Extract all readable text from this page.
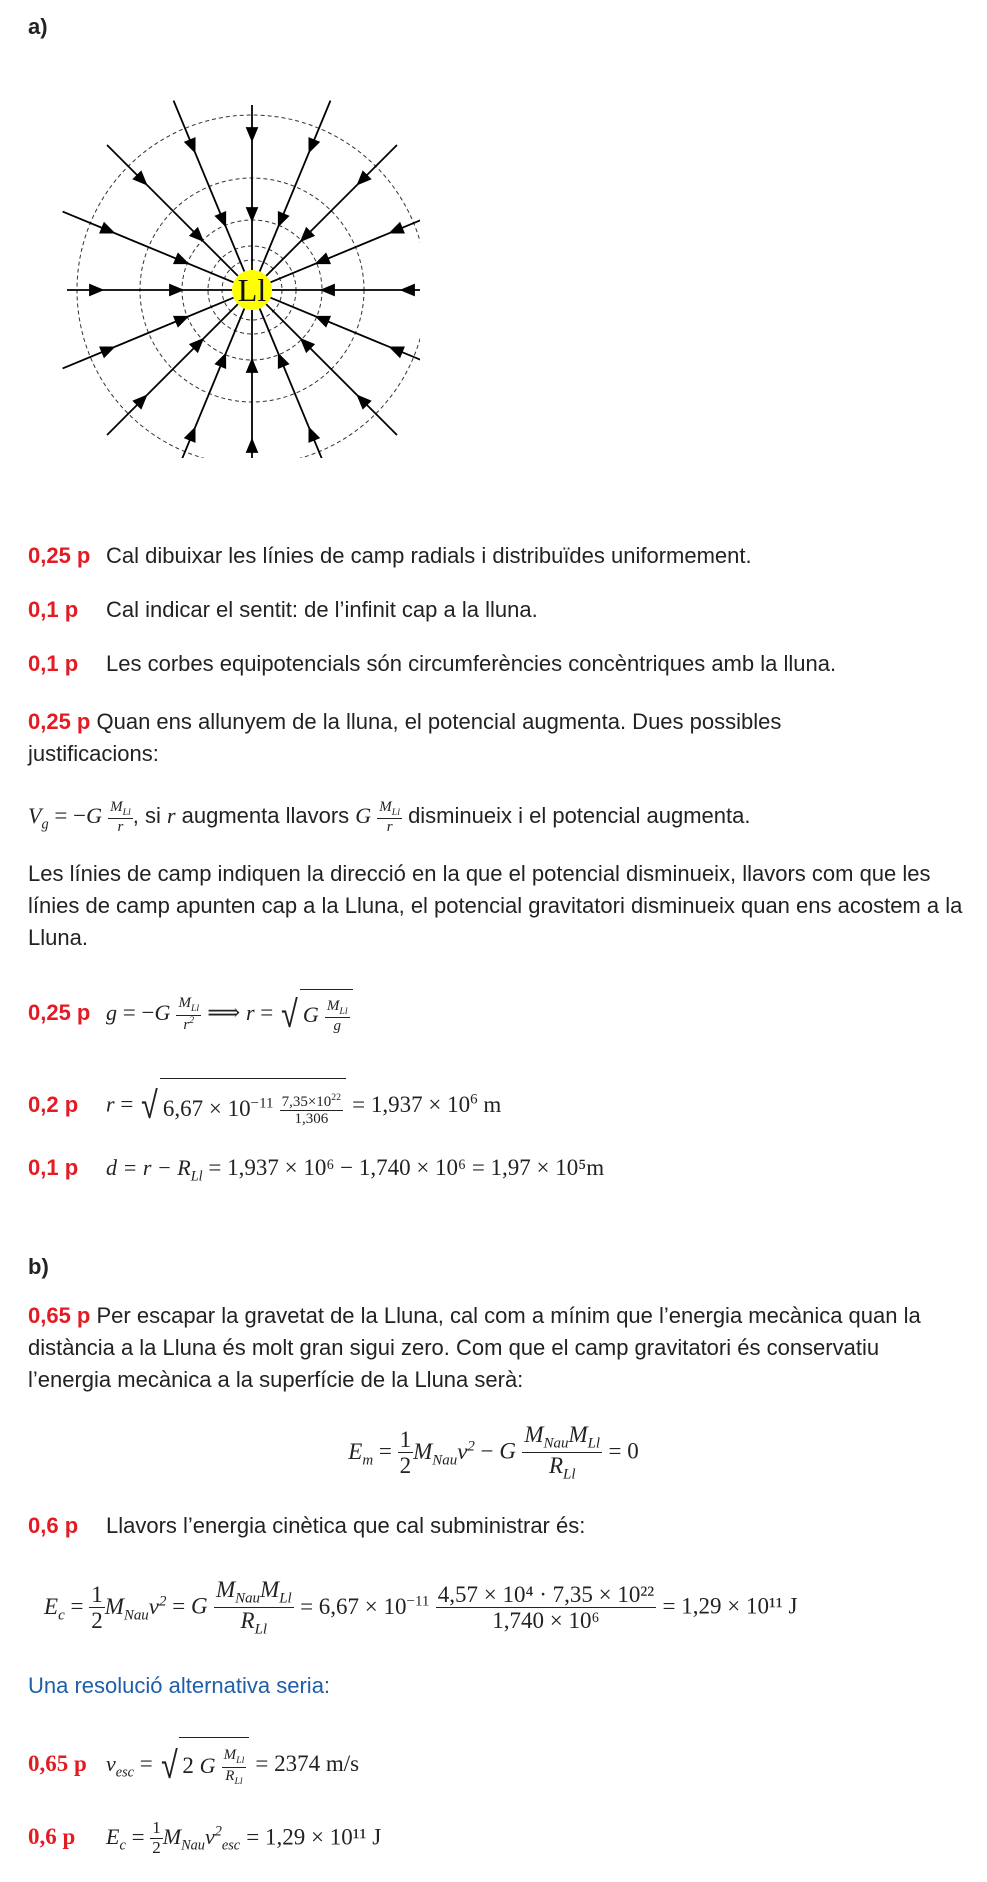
a)
Ll
0,25 p Cal dibuixar les línies de camp radials i distribuïdes uniformement.
0,1 p Cal indicar el sentit: de l’infinit cap a la lluna.
0,1 p Les corbes equipotencials són circumferències concèntriques amb la lluna.
0,25 p Quan ens allunyem de la lluna, el potencial augmenta. Dues possibles justificacions:
$V_g = -G \frac{M_{Ll}}{r}$ , si r augmenta llavors G $\frac{M_{Ll}}{r}$ disminueix i el potencial augmenta.
Les línies de camp indiquen la direcció en la que el potencial disminueix, llavors com que les línies de camp apunten cap a la Lluna, el potencial gravitatori disminueix quan ens acostem a la Lluna.
0,25 p $g = -G \frac{M_{Ll}}{r^2}$ ⟹ r = √ G $\frac{M_{Ll}}{g}$
0,2 p r = √ $6,67 \times 10^{-11} \frac{7,35\times 10^{22}}{1,306} = 1,937 \times 10^6$ m
0,1 p $d = r - R_{Ll} = 1,937 \times 10^6 - 1,740 \times 10^6 = 1,97 \times 10^5m$
b)
0,65 p Per escapar la gravetat de la Lluna, cal com a mínim que l’energia mecànica quan la distància a la Lluna és molt gran sigui zero. Com que el camp gravitatori és conservatiu l’energia mecànica a la superfície de la Lluna serà:
$E_m = \frac{1}{2} M_{Nau}v^2 - G \frac{M_{Nau}M_{Ll}}{R_{Ll}} = 0$
0,6 p Llavors l’energia cinètica que cal subministrar és:
$E_c = \frac{1}{2} M_{Nau}v^2 = G \frac{M_{Nau}M_{Ll}}{R_{Ll}} = 6,67 \times 10^{-11} \frac{\text{4,57 × 10⁴ · 7,35 × 10²²}}{\text{1,740 × 10⁶}} = 1,29 \times 10^{11}$ J
Una resolució alternativa seria:
0,65 p $v_{esc}$ = √ 2 G $\frac{M_{Ll}}{R_{Ll}} = 2374$ m/s
0,6 p $E_c = \frac{1}{2} M_{Nau}v^2_{esc} = 1,29 \times 10^{11}$ J
